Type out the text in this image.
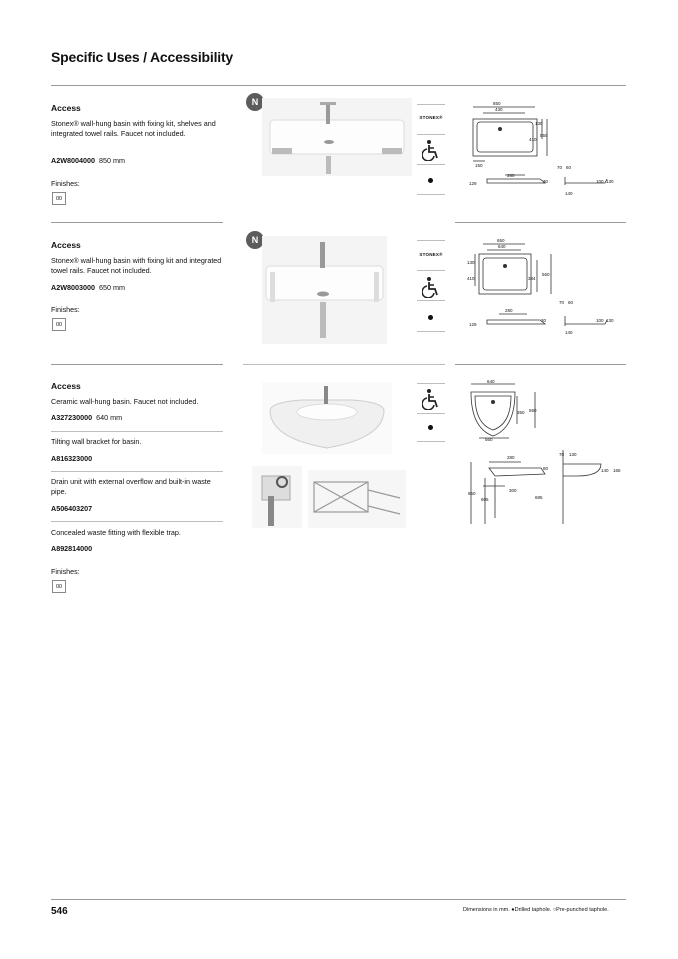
Specific Uses / Accessibility
Access
Stonex® wall-hung basin with fixing kit, shelves and integrated towel rails. Faucet not included.
A2W8004000 850 mm
Finishes:
00
N
STONEX®
850
430
130
410
550
150	70 60
129
280
30	100 130
140
Access
Stonex® wall-hung basin with fixing kit and integrated towel rails. Faucet not included.
A2W8003000 650 mm
Finishes:
00
N
STONEX®
650
640
130
410	384
560
70 60
129
280
30	100 130
140
Access
Ceramic wall-hung basin. Faucet not included.
A327230000 640 mm
Tilting wall bracket for basin.
A816323000
Drain unit with external overflow and built-in waste pipe.
A506403207
Concealed waste fitting with flexible trap.
A892814000
Finishes:
00
640
350 550
560
280
70 130
80	140 165
300
850
605	685
546	Dimensions in mm. ●Drilled taphole. ○Pre-punched taphole.
